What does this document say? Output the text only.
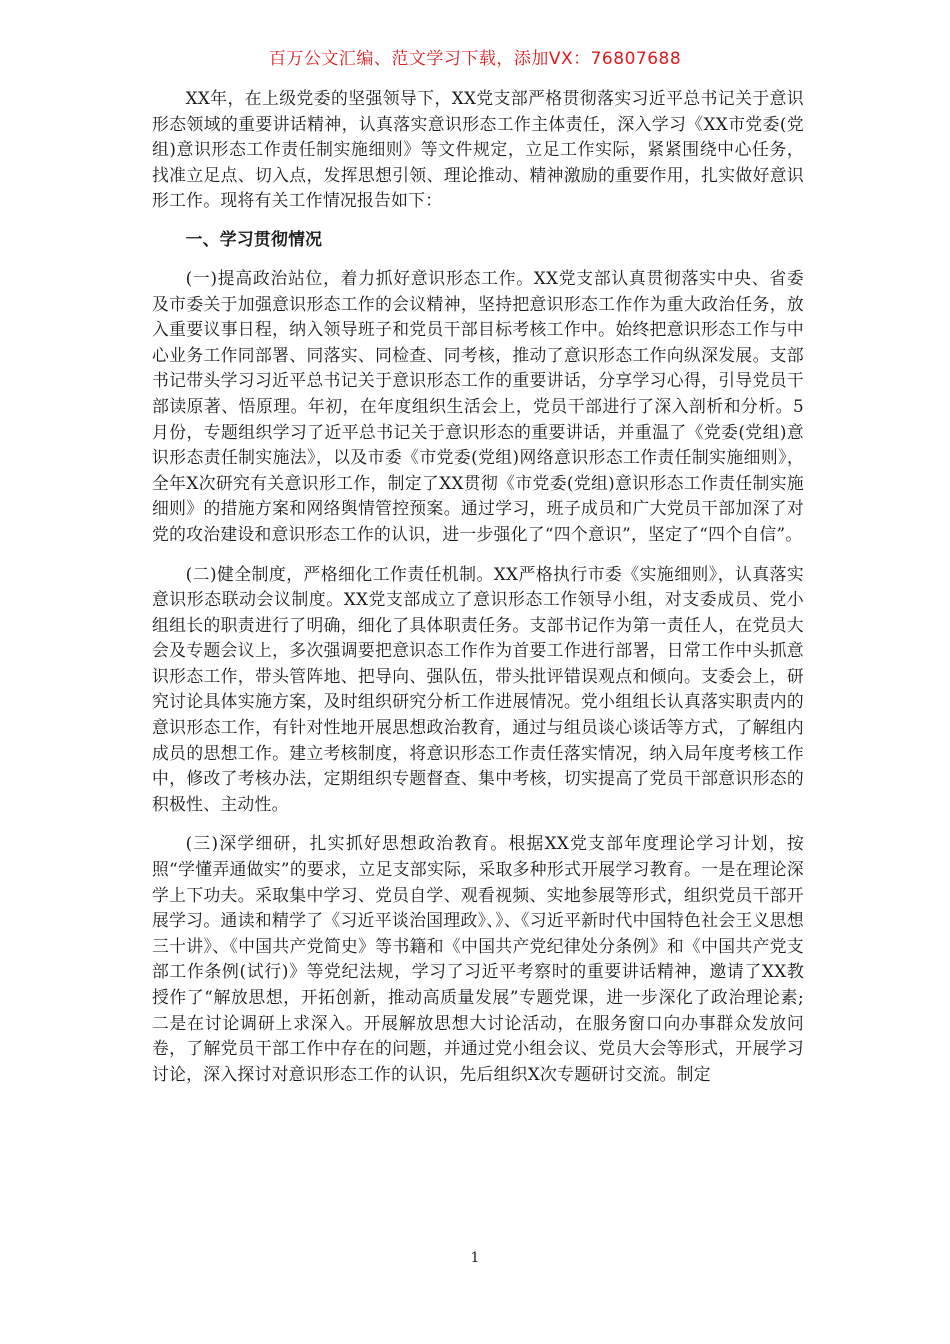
百万公文汇编、范文学习下载，添加VX：76807688

XX年，在上级党委的坚强领导下，XX党支部严格贯彻落实习近平总书记关于意识形态领域的重要讲话精神，认真落实意识形态工作主体责任，深入学习《XX市党委(党组)意识形态工作责任制实施细则》等文件规定，立足工作实际，紧紧围绕中心任务，找准立足点、切入点，发挥思想引领、理论推动、精神激励的重要作用，扎实做好意识形工作。现将有关工作情况报告如下：

一、学习贯彻情况

(一)提高政治站位，着力抓好意识形态工作。XX党支部认真贯彻落实中央、省委及市委关于加强意识形态工作的会议精神，坚持把意识形态工作作为重大政治任务，放入重要议事日程，纳入领导班子和党员干部目标考核工作中。始终把意识形态工作与中心业务工作同部署、同落实、同检查、同考核，推动了意识形态工作向纵深发展。支部书记带头学习习近平总书记关于意识形态工作的重要讲话，分享学习心得，引导党员干部读原著、悟原理。年初，在年度组织生活会上，党员干部进行了深入剖析和分析。5月份，专题组织学习了近平总书记关于意识形态的重要讲话，并重温了《党委(党组)意识形态责任制实施法》，以及市委《市党委(党组)网络意识形态工作责任制实施细则》，全年X次研究有关意识形工作，制定了XX贯彻《市党委(党组)意识形态工作责任制实施细则》的措施方案和网络舆情管控预案。通过学习，班子成员和广大党员干部加深了对党的攻治建设和意识形态工作的认识，进一步强化了“四个意识”，坚定了“四个自信”。

(二)健全制度，严格细化工作责任机制。XX严格执行市委《实施细则》，认真落实意识形态联动会议制度。XX党支部成立了意识形态工作领导小组，对支委成员、党小组组长的职责进行了明确，细化了具体职责任务。支部书记作为第一责任人，在党员大会及专题会议上，多次强调要把意识态工作作为首要工作进行部署，日常工作中头抓意识形态工作，带头管阵地、把导向、强队伍，带头批评错误观点和倾向。支委会上，研究讨论具体实施方案，及时组织研究分析工作进展情况。党小组组长认真落实职责内的意识形态工作，有针对性地开展思想政治教育，通过与组员谈心谈话等方式，了解组内成员的思想工作。建立考核制度，将意识形态工作责任落实情况，纳入局年度考核工作中，修改了考核办法，定期组织专题督查、集中考核，切实提高了党员干部意识形态的积极性、主动性。

(三)深学细研，扎实抓好思想政治教育。根据XX党支部年度理论学习计划，按照“学懂弄通做实”的要求，立足支部实际，采取多种形式开展学习教育。一是在理论深学上下功夫。采取集中学习、党员自学、观看视频、实地参展等形式，组织党员干部开展学习。通读和精学了《习近平谈治国理政》、》、《习近平新时代中国特色社会王义思想三十讲》、《中国共产党简史》等书籍和《中国共产党纪律处分条例》和《中国共产党支部工作条例(试行)》等党纪法规，学习了习近平考察时的重要讲话精神，邀请了XX教授作了“解放思想，开拓创新，推动高质量发展”专题党课，进一步深化了政治理论素;二是在讨论调研上求深入。开展解放思想大讨论活动，在服务窗口向办事群众发放问卷，了解党员干部工作中存在的问题，并通过党小组会议、党员大会等形式，开展学习讨论，深入探讨对意识形态工作的认识，先后组织X次专题研讨交流。制定

1
